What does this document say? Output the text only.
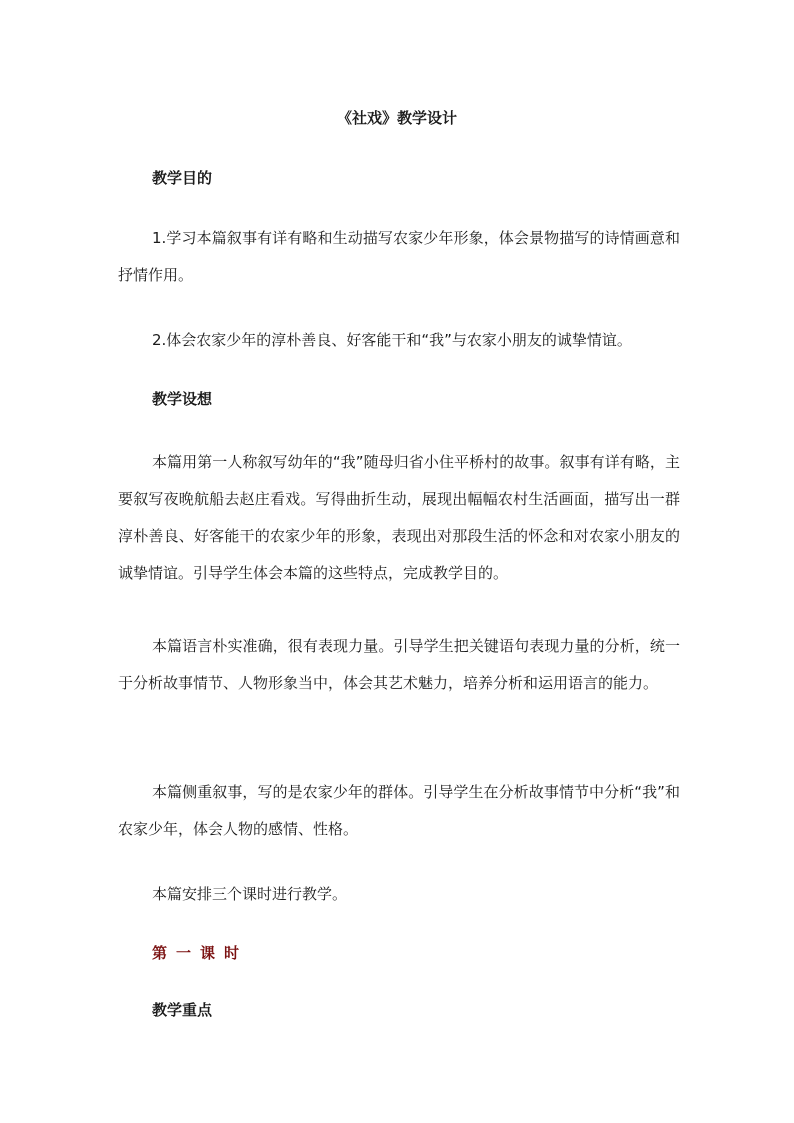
《社戏》教学设计
教学目的
1.学习本篇叙事有详有略和生动描写农家少年形象，体会景物描写的诗情画意和抒情作用。
2.体会农家少年的淳朴善良、好客能干和“我”与农家小朋友的诚挚情谊。
教学设想
本篇用第一人称叙写幼年的“我”随母归省小住平桥村的故事。叙事有详有略，主要叙写夜晚航船去赵庄看戏。写得曲折生动，展现出幅幅农村生活画面，描写出一群淳朴善良、好客能干的农家少年的形象，表现出对那段生活的怀念和对农家小朋友的诚挚情谊。引导学生体会本篇的这些特点，完成教学目的。
本篇语言朴实准确，很有表现力量。引导学生把关键语句表现力量的分析，统一于分析故事情节、人物形象当中，体会其艺术魅力，培养分析和运用语言的能力。
本篇侧重叙事，写的是农家少年的群体。引导学生在分析故事情节中分析“我”和农家少年，体会人物的感情、性格。
本篇安排三个课时进行教学。
第一课时
教学重点
